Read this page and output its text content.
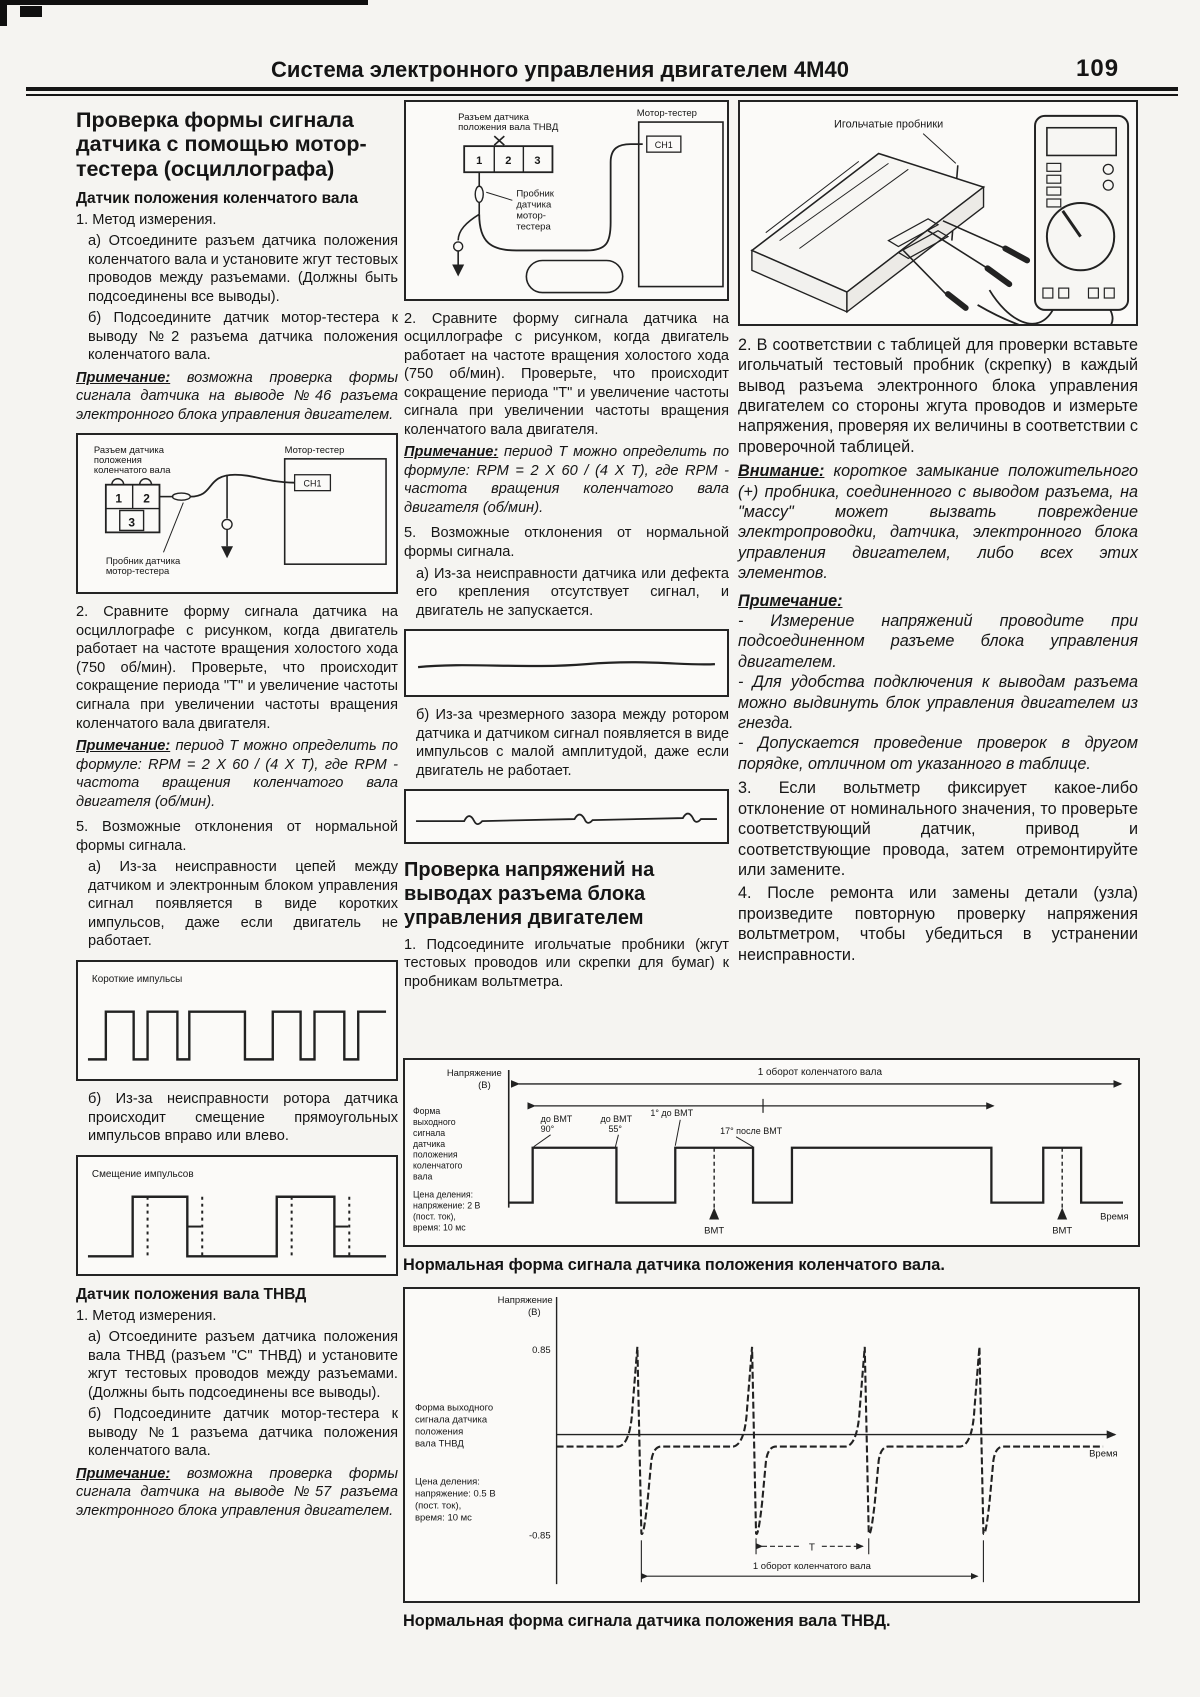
Система электронного управления двигателем 4М40	109
Проверка формы сигнала датчика с помощью мотор-тестера (осциллографа)
Датчик положения коленчатого вала

1. Метод измерения.

а) Отсоедините разъем датчика положения коленчатого вала и установите жгут тестовых проводов между разъемами. (Должны быть подсоединены все выводы).

б) Подсоедините датчик мотор-тестера к выводу №2 разъема датчика положения коленчатого вала.

Примечание: возможна проверка формы сигнала датчика на выводе №46 разъема электронного блока управления двигателем.

Разъем датчика
положения
коленчатого вала
Мотор-тестер
CH1
1 2
3
Пробник датчика
мотор-тестера

2. Сравните форму сигнала датчика на осциллографе с рисунком, когда двигатель работает на частоте вращения холостого хода (750 об/мин). Проверьте, что происходит сокращение периода "Т" и увеличение частоты сигнала при увеличении частоты вращения коленчатого вала двигателя.

Примечание: период Т можно определить по формуле: RPM = 2 X 60 / (4 X Т), где RPM - частота вращения коленчатого вала двигателя (об/мин).

5. Возможные отклонения от нормальной формы сигнала.

а) Из-за неисправности цепей между датчиком и электронным блоком управления сигнал появляется в виде коротких импульсов, даже если двигатель не работает.

Короткие импульсы

б) Из-за неисправности ротора датчика происходит смещение прямоугольных импульсов вправо или влево.

Смещение импульсов
Датчик положения вала ТНВД

1. Метод измерения.

а) Отсоедините разъем датчика положения вала ТНВД (разъем "С" ТНВД) и установите жгут тестовых проводов между разъемами. (Должны быть подсоединены все выводы).

б) Подсоедините датчик мотор-тестера к выводу №1 разъема датчика положения коленчатого вала.

Примечание: возможна проверка формы сигнала датчика на выводе №57 разъема электронного блока управления двигателем.

Разъем датчика
положения вала ТНВД
1 2 3
Пробник
датчика
мотор-
тестера
Мотор-тестер
CH1

2. Сравните форму сигнала датчика на осциллографе с рисунком, когда двигатель работает на частоте вращения холостого хода (750 об/мин). Проверьте, что происходит сокращение периода "Т" и увеличение частоты сигнала при увеличении частоты вращения коленчатого вала двигателя.

Примечание: период Т можно определить по формуле: RPM = 2 X 60 / (4 X Т), где RPM - частота вращения коленчатого вала двигателя (об/мин).

5. Возможные отклонения от нормальной формы сигнала.

а) Из-за неисправности датчика или дефекта его крепления отсутствует сигнал, и двигатель не запускается.

б) Из-за чрезмерного зазора между ротором датчика и датчиком сигнал появляется в виде импульсов с малой амплитудой, даже если двигатель не работает.

Проверка напряжений на выводах разъема блока управления двигателем

1. Подсоедините игольчатые пробники (жгут тестовых проводов или скрепки для бумаг) к пробникам вольтметра.

Игольчатые пробники

2. В соответствии с таблицей для проверки вставьте игольчатый тестовый пробник (скрепку) в каждый вывод разъема электронного блока управления двигателем со стороны жгута проводов и измерьте напряжения, проверяя их величины в соответствии с проверочной таблицей.

Внимание: короткое замыкание положительного (+) пробника, соединенного с выводом разъема, на "массу" может вызвать повреждение электропроводки, датчика, электронного блока управления двигателем, либо всех этих элементов.

Примечание:

- Измерение напряжений проводите при подсоединенном разъеме блока управления двигателем.

- Для удобства подключения к выводам разъема можно выдвинуть блок управления двигателем из гнезда.

- Допускается проведение проверок в другом порядке, отличном от указанного в таблице.

3. Если вольтметр фиксирует какое-либо отклонение от номинального значения, то проверьте соответствующий датчик, привод и соответствующие провода, затем отремонтируйте или замените.

4. После ремонта или замены детали (узла) произведите повторную проверку напряжения вольтметром, чтобы убедиться в устранении неисправности.

Напряжение
(В)
1 оборот коленчатого вала
до ВМТ
90°
до ВМТ
55°
1° до ВМТ
17° после ВМТ
ВМТ	ВМТ
Время
Форма
выходного
сигнала
датчика
положения
коленчатого
вала
Цена деления:
напряжение: 2 В
(пост. ток),
время: 10 мс

Нормальная форма сигнала датчика положения коленчатого вала.

Напряжение
(В)
0.85
-0.85
Время
Т
1 оборот коленчатого вала
Форма выходного
сигнала датчика
положения
вала ТНВД
Цена деления:
напряжение: 0.5 В
(пост. ток),
время: 10 мс

Нормальная форма сигнала датчика положения вала ТНВД.
